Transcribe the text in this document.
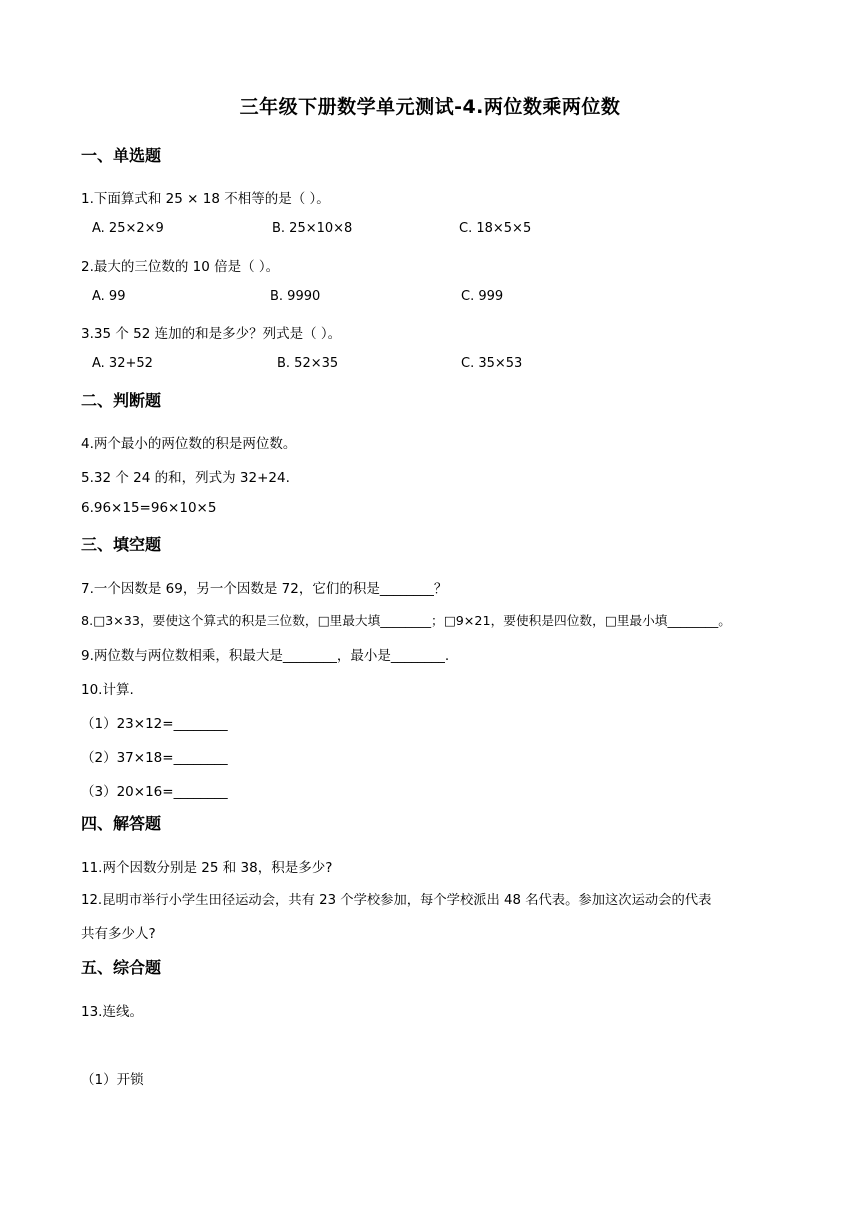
三年级下册数学单元测试-4.两位数乘两位数
一、单选题
1.下面算式和 25 × 18 不相等的是（ ）。
A. 25×2×9	B. 25×10×8	C. 18×5×5
2.最大的三位数的 10 倍是（ ）。
A. 99	B. 9990	C. 999
3.35 个 52 连加的和是多少？列式是（ ）。
A. 32+52	B. 52×35	C. 35×53
二、判断题
4.两个最小的两位数的积是两位数。
5.32 个 24 的和，列式为 32+24.
6.96×15=96×10×5
三、填空题
7.一个因数是 69，另一个因数是 72，它们的积是________？
8.□3×33，要使这个算式的积是三位数，□里最大填________；□9×21，要使积是四位数，□里最小填________。
9.两位数与两位数相乘，积最大是________，最小是________.
10.计算.
（1）23×12=________
（2）37×18=________
（3）20×16=________
四、解答题
11.两个因数分别是 25 和 38，积是多少?
12.昆明市举行小学生田径运动会，共有 23 个学校参加，每个学校派出 48 名代表。参加这次运动会的代表
共有多少人?
五、综合题
13.连线。
（1）开锁
